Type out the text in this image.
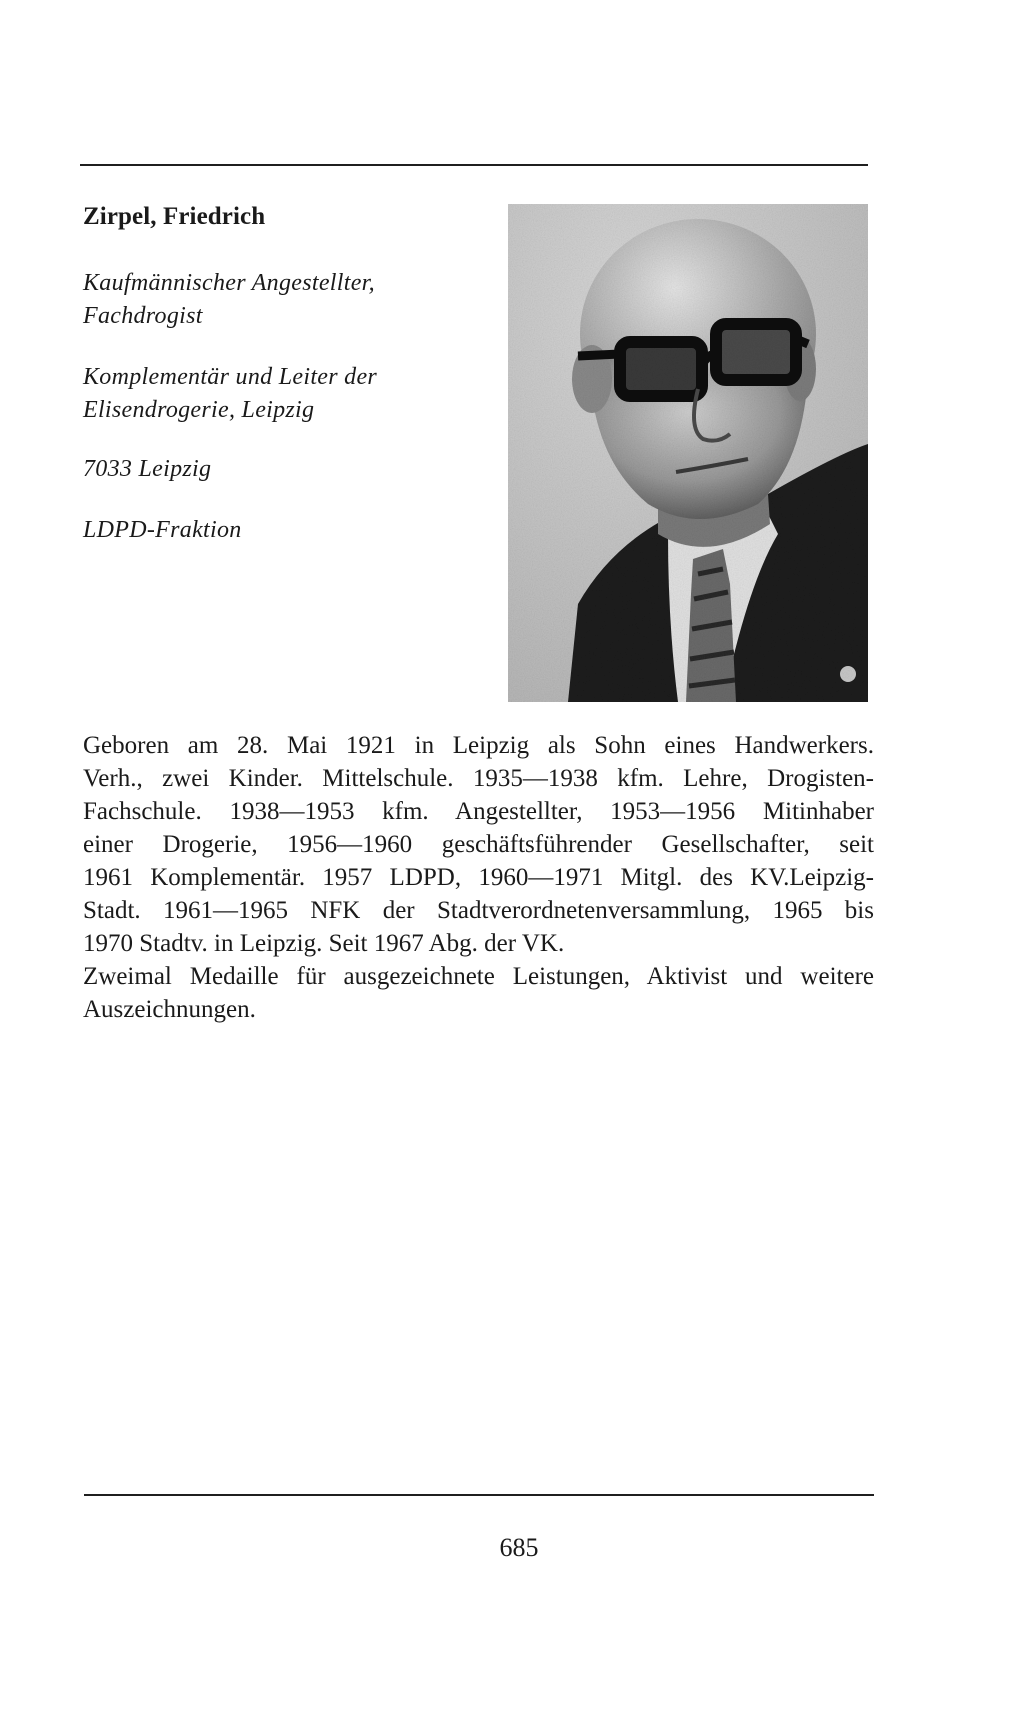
Zirpel, Friedrich

Kaufmännischer Angestellter,
Fachdrogist

Komplementär und Leiter der
Elisendrogerie, Leipzig

7033 Leipzig

LDPD-Fraktion

Geboren am 28. Mai 1921 in Leipzig als Sohn eines Handwerkers.
Verh., zwei Kinder. Mittelschule. 1935—1938 kfm. Lehre, Drogisten-
Fachschule. 1938—1953 kfm. Angestellter, 1953—1956 Mitinhaber
einer Drogerie, 1956—1960 geschäftsführender Gesellschafter, seit
1961 Komplementär. 1957 LDPD, 1960—1971 Mitgl. des KV.Leipzig-
Stadt. 1961—1965 NFK der Stadtverordnetenversammlung, 1965 bis
1970 Stadtv. in Leipzig. Seit 1967 Abg. der VK.
Zweimal Medaille für ausgezeichnete Leistungen, Aktivist und weitere
Auszeichnungen.

685
